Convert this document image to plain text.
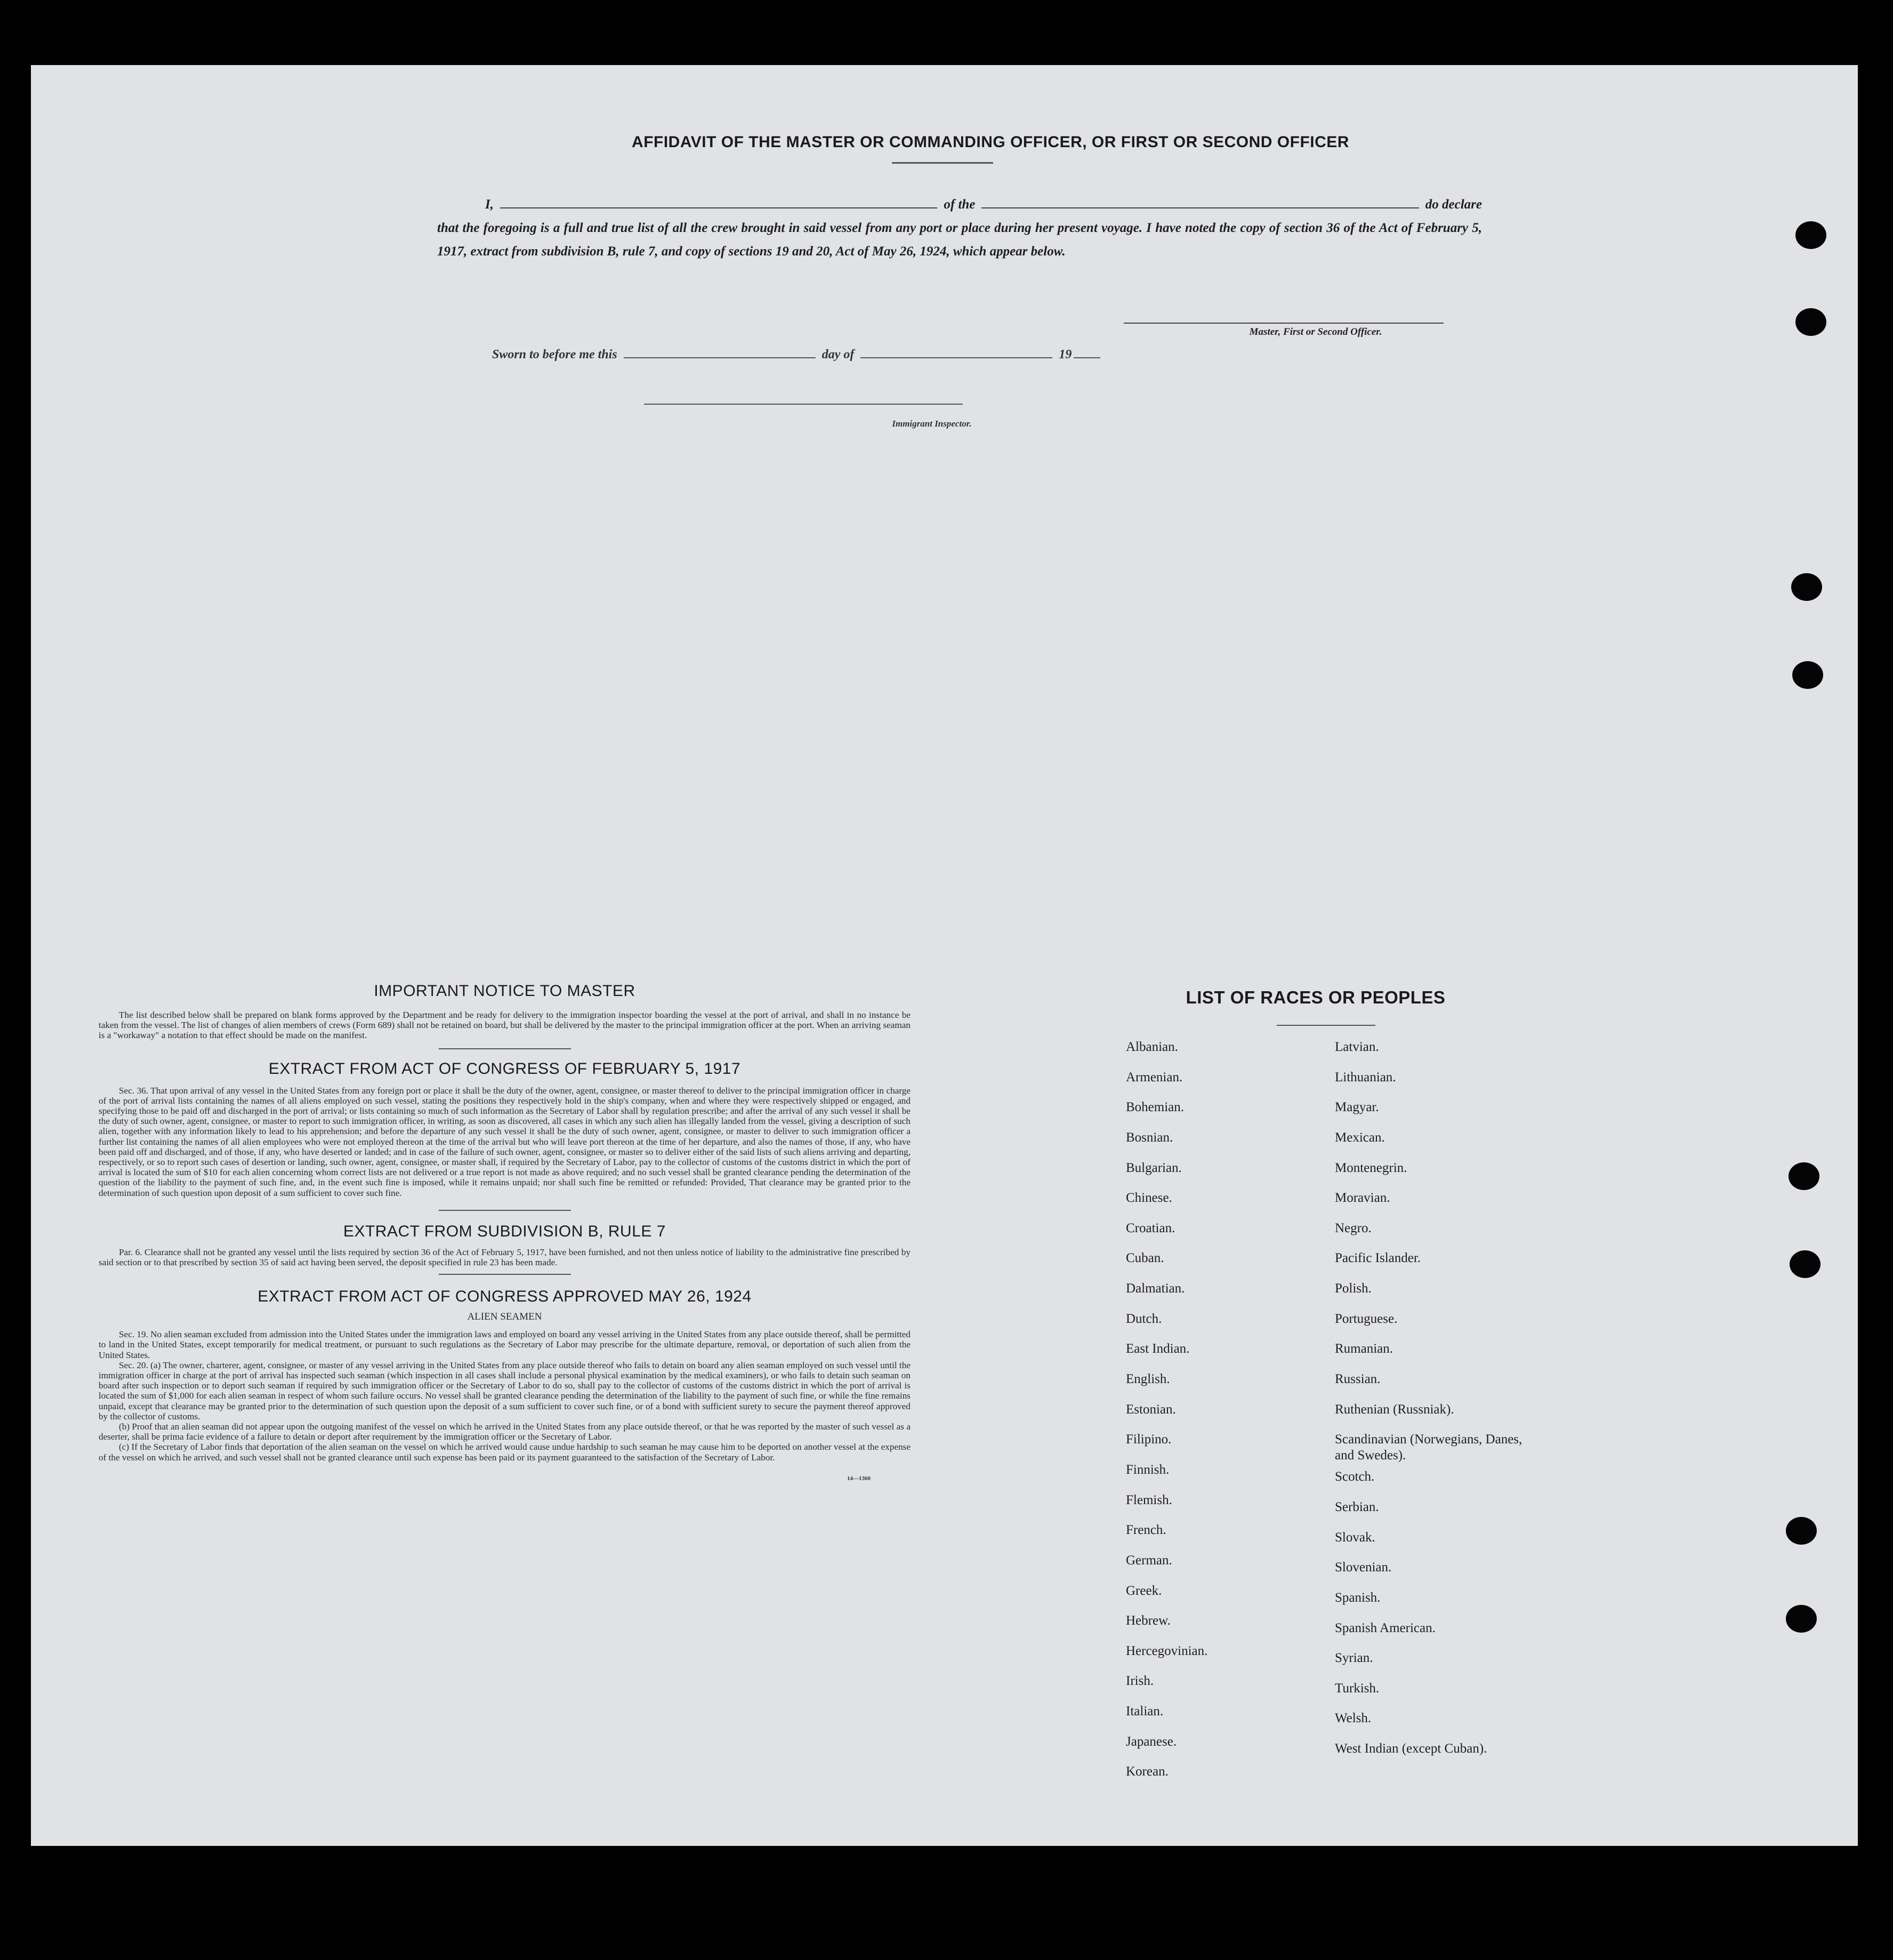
AFFIDAVIT OF THE MASTER OR COMMANDING OFFICER, OR FIRST OR SECOND OFFICER
I,	of the	do declare
that the foregoing is a full and true list of all the crew brought in said vessel from any port or place during her present voyage. I have noted the copy of section 36 of the Act of February 5, 1917, extract from subdivision B, rule 7, and copy of sections 19 and 20, Act of May 26, 1924, which appear below.
Master, First or Second Officer.
Sworn to before me this	day of	19
Immigrant Inspector.
IMPORTANT NOTICE TO MASTER
The list described below shall be prepared on blank forms approved by the Department and be ready for delivery to the immigration inspector boarding the vessel at the port of arrival, and shall in no instance be taken from the vessel. The list of changes of alien members of crews (Form 689) shall not be retained on board, but shall be delivered by the master to the principal immigration officer at the port. When an arriving seaman is a "workaway" a notation to that effect should be made on the manifest.
EXTRACT FROM ACT OF CONGRESS OF FEBRUARY 5, 1917
Sec. 36. That upon arrival of any vessel in the United States from any foreign port or place it shall be the duty of the owner, agent, consignee, or master thereof to deliver to the principal immigration officer in charge of the port of arrival lists containing the names of all aliens employed on such vessel, stating the positions they respectively hold in the ship's company, when and where they were respectively shipped or engaged, and specifying those to be paid off and discharged in the port of arrival; or lists containing so much of such information as the Secretary of Labor shall by regulation prescribe; and after the arrival of any such vessel it shall be the duty of such owner, agent, consignee, or master to report to such immigration officer, in writing, as soon as discovered, all cases in which any such alien has illegally landed from the vessel, giving a description of such alien, together with any information likely to lead to his apprehension; and before the departure of any such vessel it shall be the duty of such owner, agent, consignee, or master to deliver to such immigration officer a further list containing the names of all alien employees who were not employed thereon at the time of the arrival but who will leave port thereon at the time of her departure, and also the names of those, if any, who have been paid off and discharged, and of those, if any, who have deserted or landed; and in case of the failure of such owner, agent, consignee, or master so to deliver either of the said lists of such aliens arriving and departing, respectively, or so to report such cases of desertion or landing, such owner, agent, consignee, or master shall, if required by the Secretary of Labor, pay to the collector of customs of the customs district in which the port of arrival is located the sum of $10 for each alien concerning whom correct lists are not delivered or a true report is not made as above required; and no such vessel shall be granted clearance pending the determination of the question of the liability to the payment of such fine, and, in the event such fine is imposed, while it remains unpaid; nor shall such fine be remitted or refunded: Provided, That clearance may be granted prior to the determination of such question upon deposit of a sum sufficient to cover such fine.
EXTRACT FROM SUBDIVISION B, RULE 7
Par. 6. Clearance shall not be granted any vessel until the lists required by section 36 of the Act of February 5, 1917, have been furnished, and not then unless notice of liability to the administrative fine prescribed by said section or to that prescribed by section 35 of said act having been served, the deposit specified in rule 23 has been made.
EXTRACT FROM ACT OF CONGRESS APPROVED MAY 26, 1924
ALIEN SEAMEN
Sec. 19. No alien seaman excluded from admission into the United States under the immigration laws and employed on board any vessel arriving in the United States from any place outside thereof, shall be permitted to land in the United States, except temporarily for medical treatment, or pursuant to such regulations as the Secretary of Labor may prescribe for the ultimate departure, removal, or deportation of such alien from the United States.
Sec. 20. (a) The owner, charterer, agent, consignee, or master of any vessel arriving in the United States from any place outside thereof who fails to detain on board any alien seaman employed on such vessel until the immigration officer in charge at the port of arrival has inspected such seaman (which inspection in all cases shall include a personal physical examination by the medical examiners), or who fails to detain such seaman on board after such inspection or to deport such seaman if required by such immigration officer or the Secretary of Labor to do so, shall pay to the collector of customs of the customs district in which the port of arrival is located the sum of $1,000 for each alien seaman in respect of whom such failure occurs. No vessel shall be granted clearance pending the determination of the liability to the payment of such fine, or while the fine remains unpaid, except that clearance may be granted prior to the determination of such question upon the deposit of a sum sufficient to cover such fine, or of a bond with sufficient surety to secure the payment thereof approved by the collector of customs.
(b) Proof that an alien seaman did not appear upon the outgoing manifest of the vessel on which he arrived in the United States from any place outside thereof, or that he was reported by the master of such vessel as a deserter, shall be prima facie evidence of a failure to detain or deport after requirement by the immigration officer or the Secretary of Labor.
(c) If the Secretary of Labor finds that deportation of the alien seaman on the vessel on which he arrived would cause undue hardship to such seaman he may cause him to be deported on another vessel at the expense of the vessel on which he arrived, and such vessel shall not be granted clearance until such expense has been paid or its payment guaranteed to the satisfaction of the Secretary of Labor.
14—1360
LIST OF RACES OR PEOPLES
Albanian.
Armenian.
Bohemian.
Bosnian.
Bulgarian.
Chinese.
Croatian.
Cuban.
Dalmatian.
Dutch.
East Indian.
English.
Estonian.
Filipino.
Finnish.
Flemish.
French.
German.
Greek.
Hebrew.
Hercegovinian.
Irish.
Italian.
Japanese.
Korean.
Latvian.
Lithuanian.
Magyar.
Mexican.
Montenegrin.
Moravian.
Negro.
Pacific Islander.
Polish.
Portuguese.
Rumanian.
Russian.
Ruthenian (Russniak).
Scandinavian (Norwegians, Danes, and Swedes).
Scotch.
Serbian.
Slovak.
Slovenian.
Spanish.
Spanish American.
Syrian.
Turkish.
Welsh.
West Indian (except Cuban).
